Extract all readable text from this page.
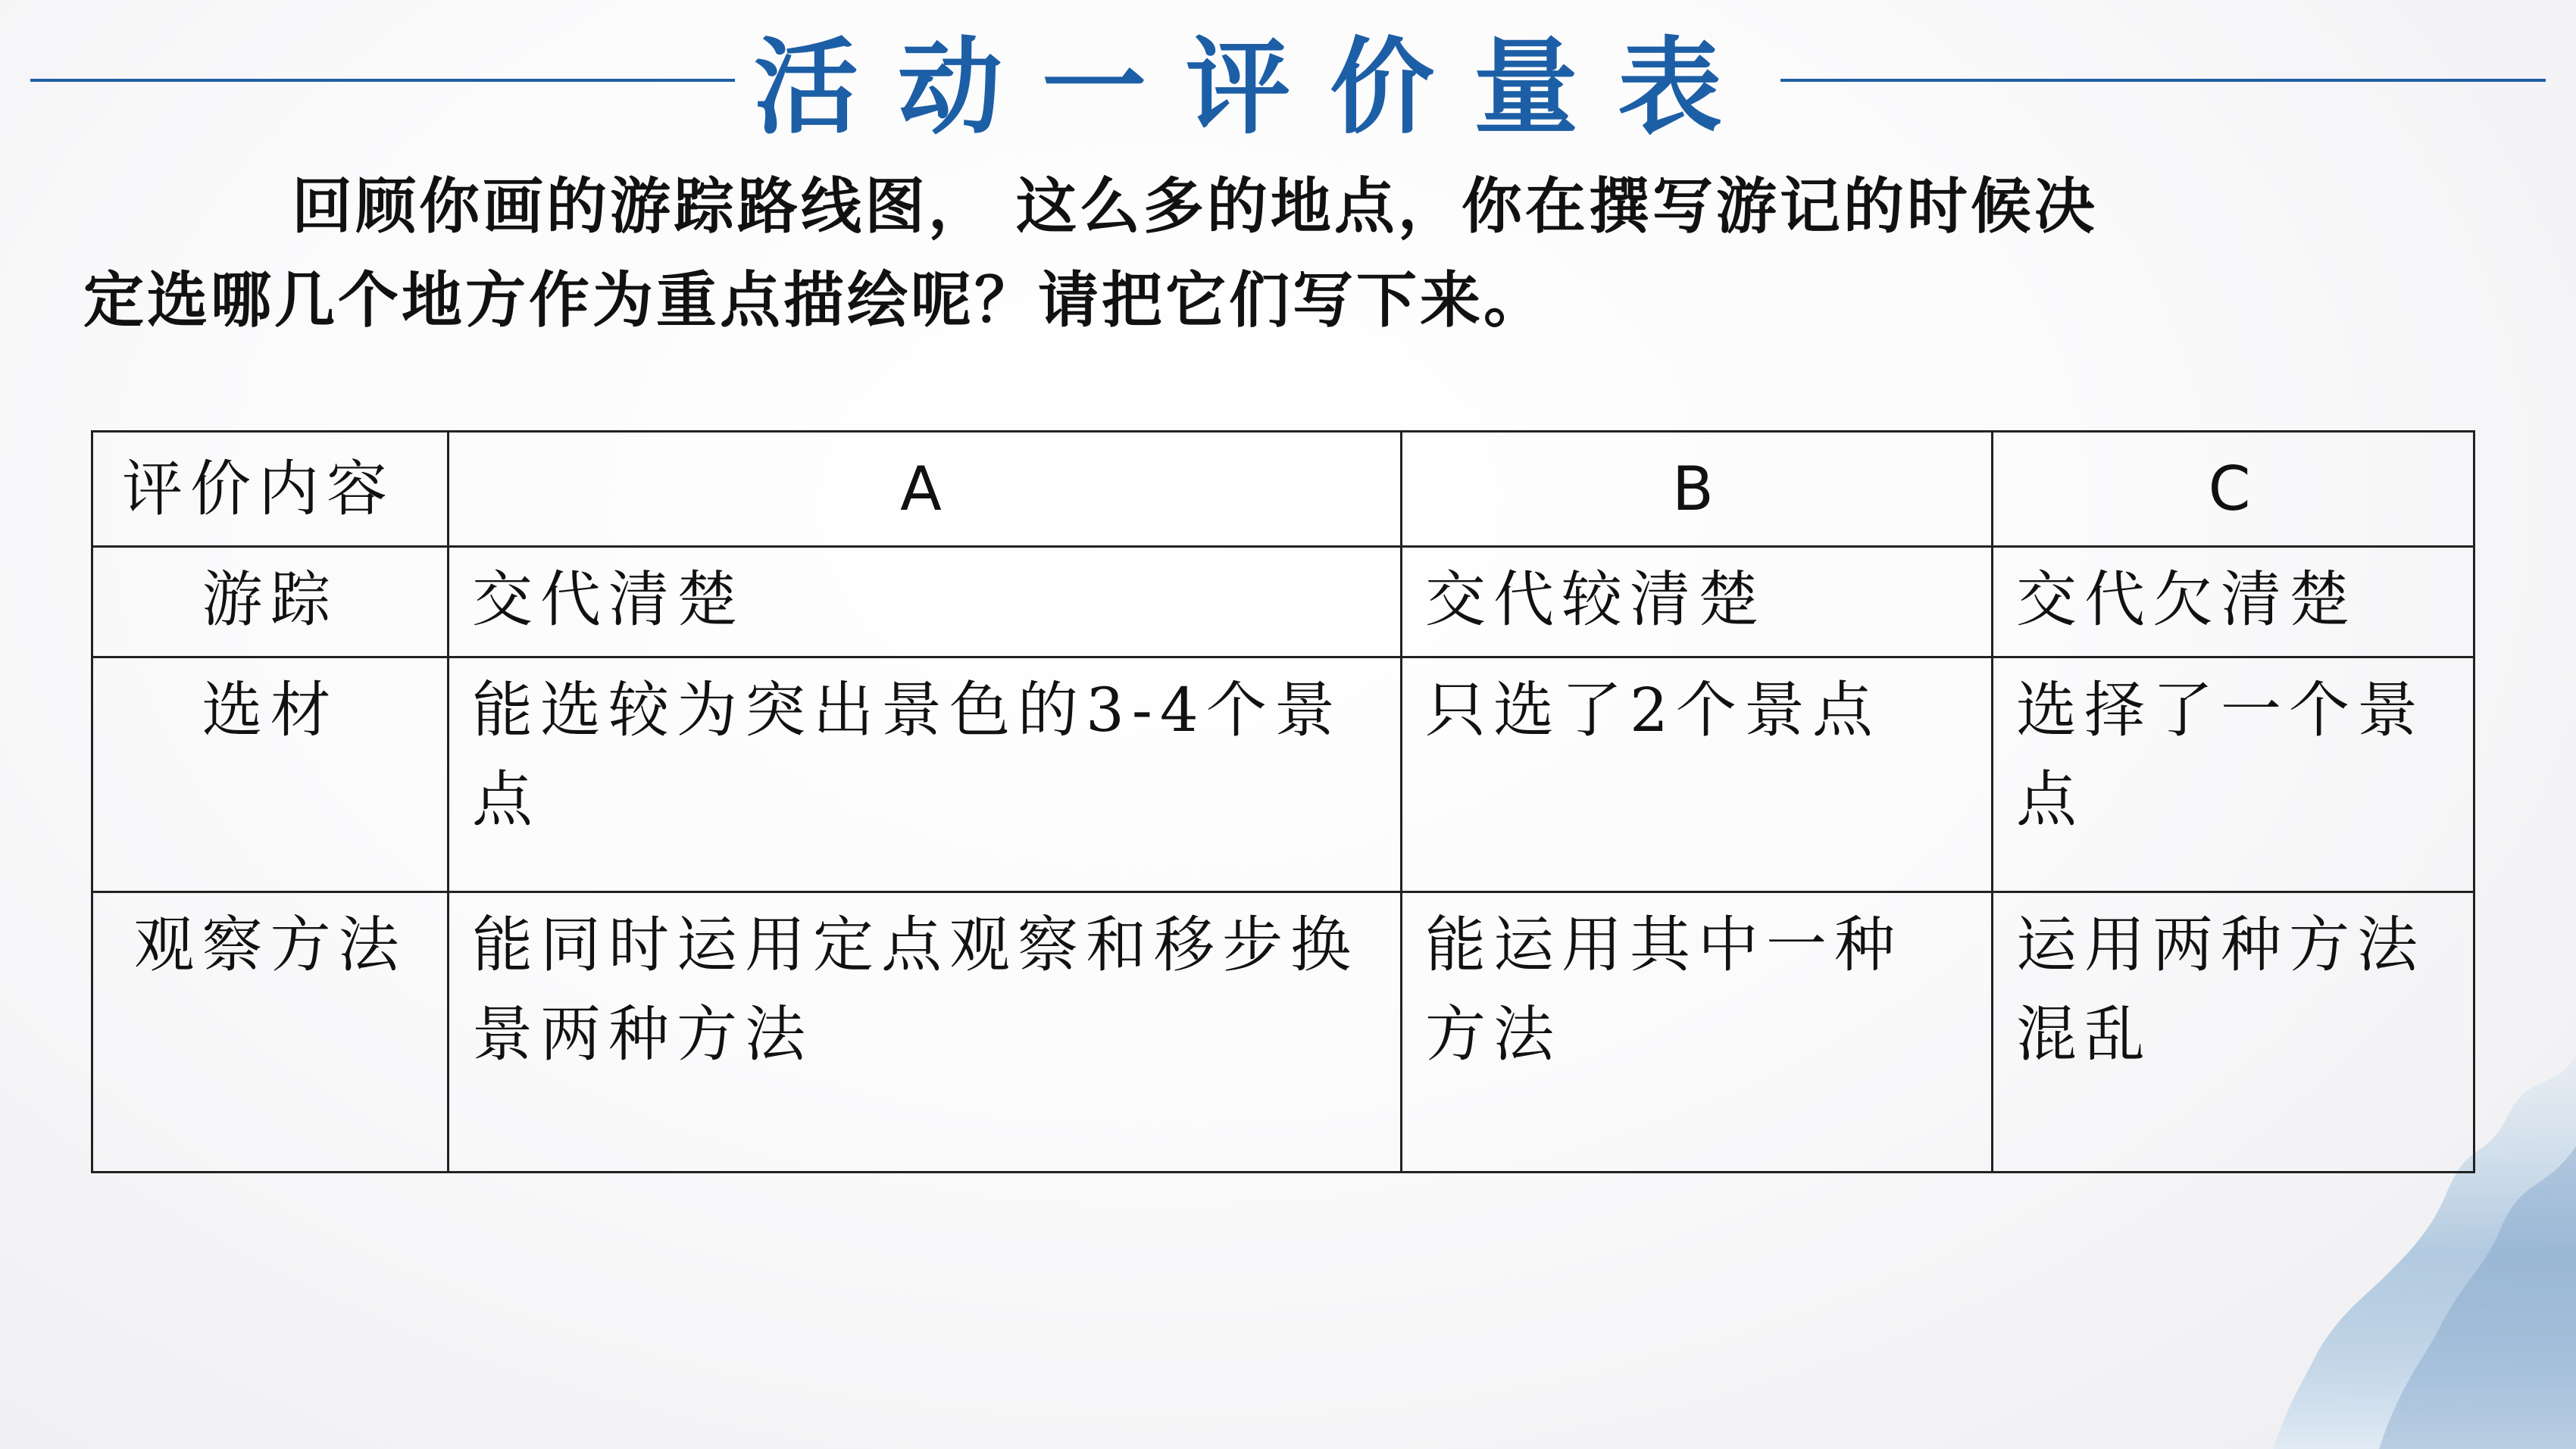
活动一评价量表
回顾你画的游踪路线图， 这么多的地点，你在撰写游记的时候决
定选哪几个地方作为重点描绘呢？请把它们写下来。
评价内容	A	B	C
游踪	交代清楚	交代较清楚	交代欠清楚
选材	能选较为突出景色的3-4个景点	只选了2个景点	选择了一个景点
观察方法	能同时运用定点观察和移步换景两种方法	能运用其中一种方法	运用两种方法混乱
